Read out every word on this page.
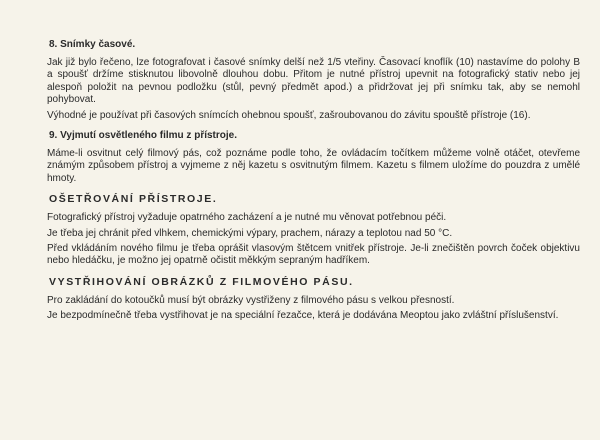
8. Snímky časové.

Jak již bylo řečeno, lze fotografovat i časové snímky delší než 1/5 vteřiny. Časovací knoflík (10) nastavíme do polohy B a spoušť držíme stisknutou libovolně dlouhou dobu. Přitom je nutné přístroj upevnit na fotografický stativ nebo jej alespoň položit na pevnou podložku (stůl, pevný předmět apod.) a přidržovat jej při snímku tak, aby se nemohl pohybovat.

Výhodné je používat při časových snímcích ohebnou spoušť, zašroubovanou do závitu spouště přístroje (16).

9. Vyjmutí osvětleného filmu z přístroje.

Máme-li osvitnut celý filmový pás, což poznáme podle toho, že ovládacím točítkem můžeme volně otáčet, otevřeme známým způsobem přístroj a vyjmeme z něj kazetu s osvitnutým filmem. Kazetu s filmem uložíme do pouzdra z umělé hmoty.

OŠETŘOVÁNÍ PŘÍSTROJE.

Fotografický přístroj vyžaduje opatrného zacházení a je nutné mu věnovat potřebnou péči.

Je třeba jej chránit před vlhkem, chemickými výpary, prachem, nárazy a teplotou nad 50 °C.

Před vkládáním nového filmu je třeba oprášit vlasovým štětcem vnitřek přístroje. Je-li znečištěn povrch čoček objektivu nebo hledáčku, je možno jej opatrně očistit měkkým sepraným hadříkem.

VYSTŘIHOVÁNÍ OBRÁZKŮ Z FILMOVÉHO PÁSU.

Pro zakládání do kotoučků musí být obrázky vystřiženy z filmového pásu s velkou přesností.

Je bezpodmínečně třeba vystřihovat je na speciální řezačce, která je dodávána Meoptou jako zvláštní příslušenství.
